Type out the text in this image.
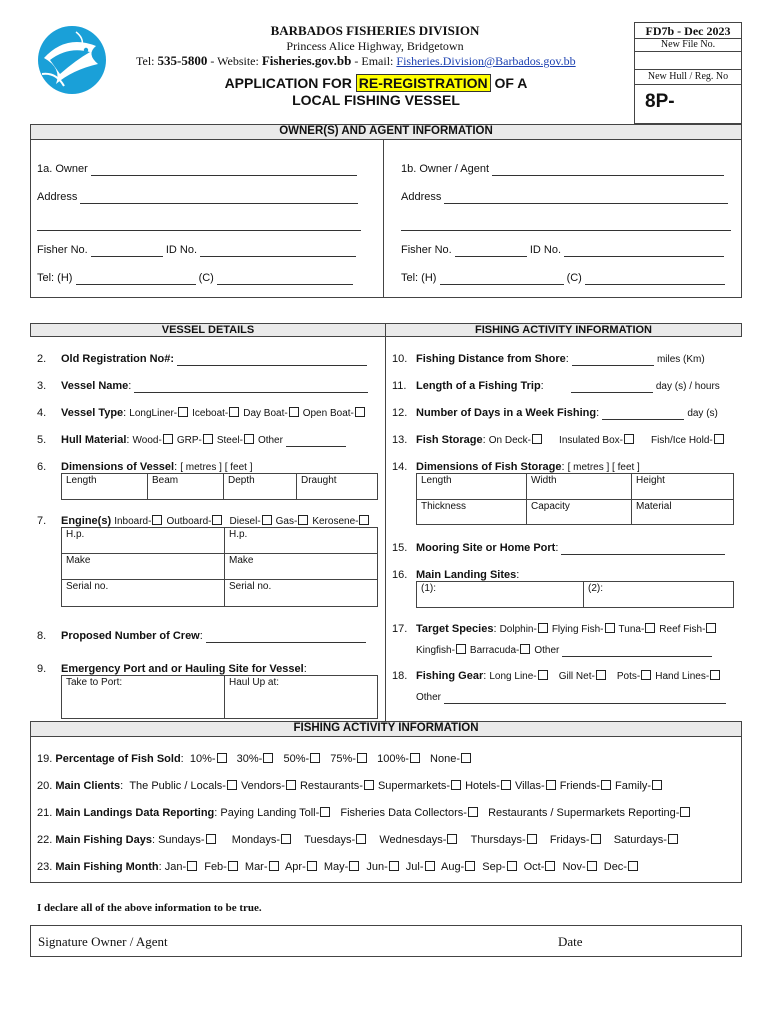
BARBADOS FISHERIES DIVISION
Princess Alice Highway, Bridgetown
Tel: 535-5800 - Website: Fisheries.gov.bb - Email: Fisheries.Division@Barbados.gov.bb
FD7b - Dec 2023
New File No.
New Hull / Reg. No
8P-
APPLICATION FOR RE-REGISTRATION OF A
LOCAL FISHING VESSEL
OWNER(S) AND AGENT INFORMATION
1a. Owner
Address
Fisher No.	ID No.
Tel: (H)	(C)
1b. Owner / Agent
Address
Fisher No.	ID No.
Tel: (H)	(C)
VESSEL DETAILS
2. Old Registration No#:
3. Vessel Name:
4. Vessel Type: LongLiner- Iceboat- Day Boat- Open Boat-
5. Hull Material: Wood- GRP- Steel- Other
6. Dimensions of Vessel: [ metres ] [ feet ]
Length	Beam	Depth	Draught
7. Engine(s) Inboard- Outboard- Diesel- Gas- Kerosene-
H.p.	H.p.
Make	Make
Serial no.	Serial no.
8. Proposed Number of Crew:
9. Emergency Port and or Hauling Site for Vessel:
Take to Port:	Haul Up at:
FISHING ACTIVITY INFORMATION
10. Fishing Distance from Shore:	miles (Km)
11. Length of a Fishing Trip:	day (s) / hours
12. Number of Days in a Week Fishing:	day (s)
13. Fish Storage: On Deck-	Insulated Box-	Fish/Ice Hold-
14. Dimensions of Fish Storage: [ metres ] [ feet ]
Length	Width	Height
Thickness	Capacity	Material
15. Mooring Site or Home Port:
16. Main Landing Sites:
(1):	(2):
17. Target Species: Dolphin- Flying Fish- Tuna- Reef Fish-
Kingfish- Barracuda- Other
18. Fishing Gear: Long Line- Gill Net- Pots- Hand Lines-
Other
FISHING ACTIVITY INFORMATION
19. Percentage of Fish Sold:  10%- 30%- 50%- 75%- 100%- None-
20. Main Clients:  The Public / Locals- Vendors- Restaurants- Supermarkets- Hotels- Villas- Friends- Family-
21. Main Landings Data Reporting: Paying Landing Toll- Fisheries Data Collectors- Restaurants / Supermarkets Reporting-
22. Main Fishing Days: Sundays- Mondays- Tuesdays- Wednesdays- Thursdays- Fridays- Saturdays-
23. Main Fishing Month: Jan- Feb- Mar- Apr- May- Jun- Jul- Aug- Sep- Oct- Nov- Dec-
I declare all of the above information to be true.
Signature Owner / Agent	Date
